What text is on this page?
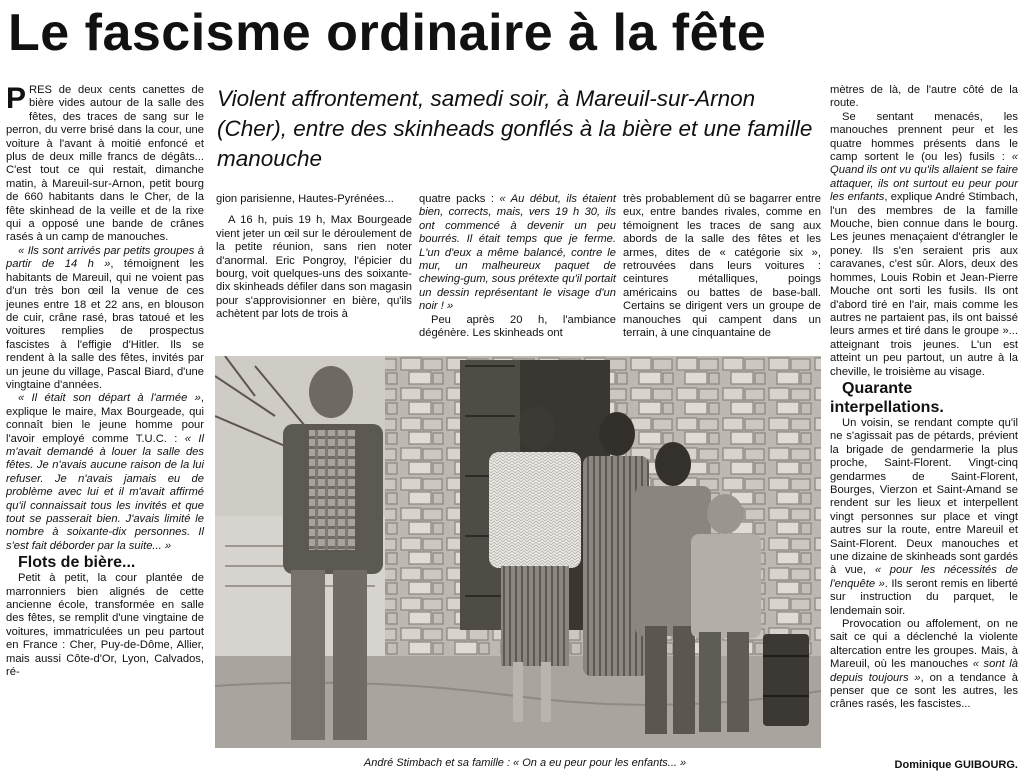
Le fascisme ordinaire à la fête
Violent affrontement, samedi soir, à Mareuil-sur-Arnon (Cher), entre des skinheads gonflés à la bière et une famille manouche

PRES de deux cents canettes de bière vides autour de la salle des fêtes, des traces de sang sur le perron, du verre brisé dans la cour, une voiture à l'avant à moitié enfoncé et plus de deux mille francs de dégâts... C'est tout ce qui restait, dimanche matin, à Mareuil-sur-Arnon, petit bourg de 660 habitants dans le Cher, de la fête skinhead de la veille et de la rixe qui a opposé une bande de crânes rasés à un camp de manouches.

« Ils sont arrivés par petits groupes à partir de 14 h », témoignent les habitants de Mareuil, qui ne voient pas d'un très bon œil la venue de ces jeunes entre 18 et 22 ans, en blouson de cuir, crâne rasé, bras tatoué et les voitures remplies de prospectus fascistes à l'effigie d'Hitler. Ils se rendent à la salle des fêtes, invités par un jeune du village, Pascal Biard, d'une vingtaine d'années.

« Il était son départ à l'armée », explique le maire, Max Bourgeade, qui connaît bien le jeune homme pour l'avoir employé comme T.U.C. : « Il m'avait demandé à louer la salle des fêtes. Je n'avais aucune raison de la lui refuser. Je n'avais jamais eu de problème avec lui et il m'avait affirmé qu'il connaissait tous les invités et que tout se passerait bien. J'avais limité le nombre à soixante-dix personnes. Il s'est fait déborder par la suite... »

Flots de bière...

Petit à petit, la cour plantée de marronniers bien alignés de cette ancienne école, transformée en salle des fêtes, se remplit d'une vingtaine de voitures, immatriculées un peu partout en France : Cher, Puy-de-Dôme, Allier, mais aussi Côte-d'Or, Lyon, Calvados, ré-

gion parisienne, Hautes-Pyrénées...

A 16 h, puis 19 h, Max Bourgeade vient jeter un œil sur le déroulement de la petite réunion, sans rien noter d'anormal. Eric Pongroy, l'épicier du bourg, voit quelques-uns des soixante-dix skinheads défiler dans son magasin pour s'approvisionner en bière, qu'ils achètent par lots de trois à

quatre packs : « Au début, ils étaient bien, corrects, mais, vers 19 h 30, ils ont commencé à devenir un peu bourrés. Il était temps que je ferme. L'un d'eux a même balancé, contre le mur, un malheureux paquet de chewing-gum, sous prétexte qu'il portait un dessin représentant le visage d'un noir ! »

Peu après 20 h, l'ambiance dégénère. Les skinheads ont

très probablement dû se bagarrer entre eux, entre bandes rivales, comme en témoignent les traces de sang aux abords de la salle des fêtes et les armes, dites de « catégorie six », retrouvées dans leurs voitures : ceintures métalliques, poings américains ou battes de base-ball. Certains se dirigent vers un groupe de manouches qui campent dans un terrain, à une cinquantaine de

mètres de là, de l'autre côté de la route.

Se sentant menacés, les manouches prennent peur et les quatre hommes présents dans le camp sortent le (ou les) fusils : « Quand ils ont vu qu'ils allaient se faire attaquer, ils ont surtout eu peur pour les enfants, explique André Stimbach, l'un des membres de la famille Mouche, bien connue dans le bourg. Les jeunes menaçaient d'étrangler le poney. Ils s'en seraient pris aux caravanes, c'est sûr. Alors, deux des hommes, Louis Robin et Jean-Pierre Mouche ont sorti les fusils. Ils ont d'abord tiré en l'air, mais comme les autres ne partaient pas, ils ont baissé leurs armes et tiré dans le groupe »... atteignant trois jeunes. L'un est atteint un peu partout, un autre à la cheville, le troisième au visage.

Quarante interpellations.

Un voisin, se rendant compte qu'il ne s'agissait pas de pétards, prévient la brigade de gendarmerie la plus proche, Saint-Florent. Vingt-cinq gendarmes de Saint-Florent, Bourges, Vierzon et Saint-Amand se rendent sur les lieux et interpellent vingt personnes sur place et vingt autres sur la route, entre Mareuil et Saint-Florent. Deux manouches et une dizaine de skinheads sont gardés à vue, « pour les nécessités de l'enquête ». Ils seront remis en liberté sur instruction du parquet, le lendemain soir.

Provocation ou affolement, on ne sait ce qui a déclenché la violente altercation entre les groupes. Mais, à Mareuil, où les manouches « sont là depuis toujours », on a tendance à penser que ce sont les autres, les crânes rasés, les fascistes...

André Stimbach et sa famille : « On a eu peur pour les enfants... »	Dominique GUIBOURG.
